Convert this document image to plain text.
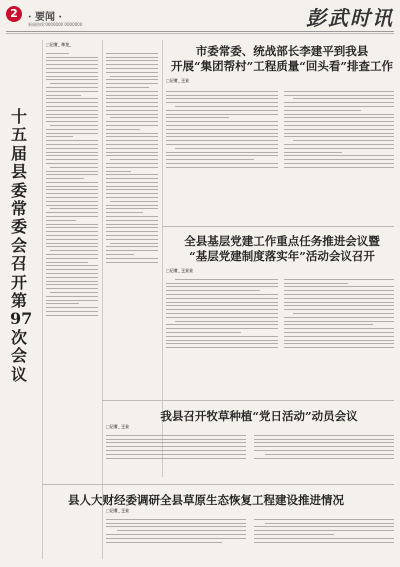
2	· 要闻 ·
新闻热线:0000000 0000000	彭武时讯
□记者_ 李龙_
十五届县委常委会召开第97次会议
市委常委、统战部长李建平到我县
开展“集团帮村”工程质量“回头看”排查工作
□记者_ 王业
全县基层党建工作重点任务推进会议暨
“基层党建制度落实年”活动会议召开
□记者_ 王业业
我县召开牧草种植“党日活动”动员会议
□记者_ 王业
县人大财经委调研全县草原生态恢复工程建设推进情况
□记者_ 王业
